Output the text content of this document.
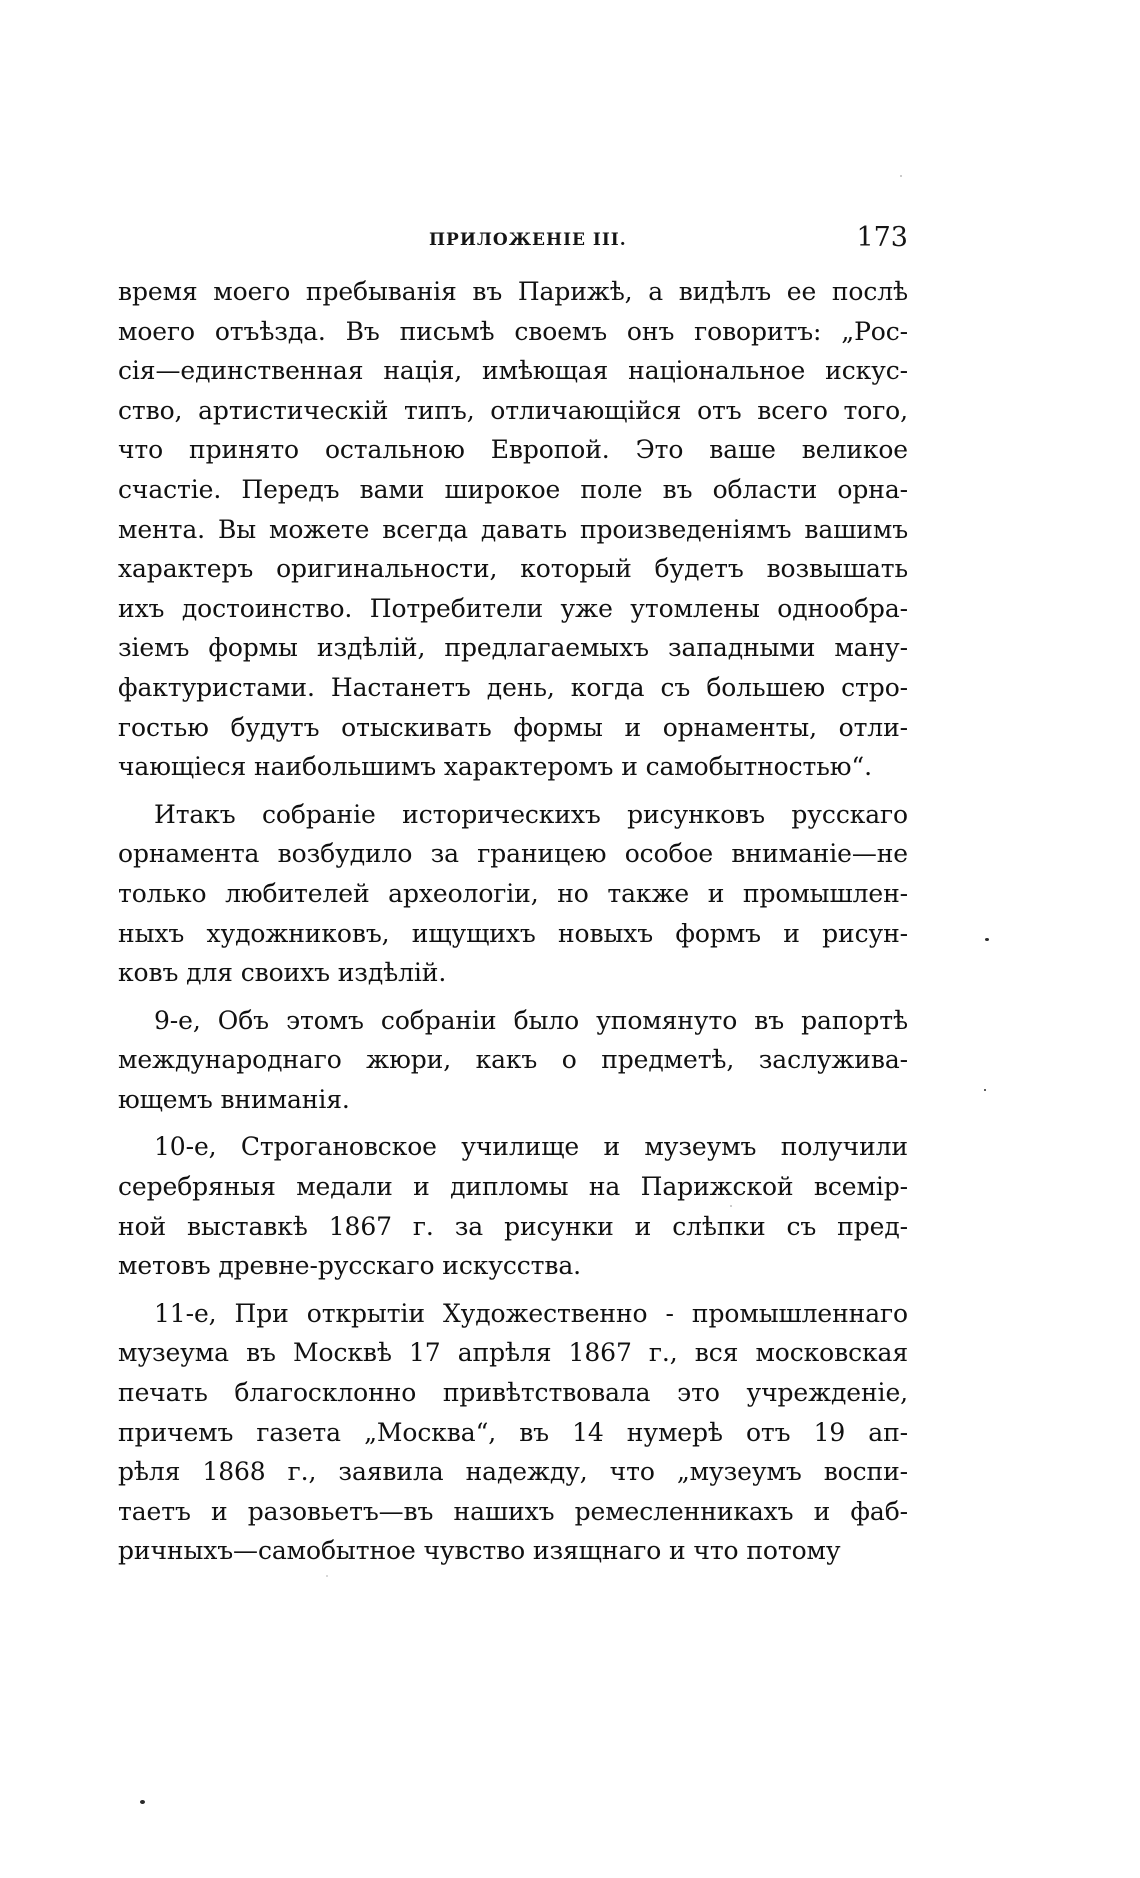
ПРИЛОЖЕНІЕ III.	173
время моего пребыванія въ Парижѣ, а видѣлъ ее послѣ
моего отъѣзда. Въ письмѣ своемъ онъ говоритъ: „Рос-
сія—единственная нація, имѣющая національное искус-
ство, артистическій типъ, отличающійся отъ всего того,
что принято остальною Европой. Это ваше великое
счастіе. Передъ вами широкое поле въ области орна-
мента. Вы можете всегда давать произведеніямъ вашимъ
характеръ оригинальности, который будетъ возвышать
ихъ достоинство. Потребители уже утомлены однообра-
зіемъ формы издѣлій, предлагаемыхъ западными ману-
фактуристами. Настанетъ день, когда съ большею стро-
гостью будутъ отыскивать формы и орнаменты, отли-
чающіеся наибольшимъ характеромъ и самобытностью“.
Итакъ собраніе историческихъ рисунковъ русскаго
орнамента возбудило за границею особое вниманіе—не
только любителей археологіи, но также и промышлен-
ныхъ художниковъ, ищущихъ новыхъ формъ и рисун-
ковъ для своихъ издѣлій.
9-е, Объ этомъ собраніи было упомянуто въ рапортѣ
международнаго жюри, какъ о предметѣ, заслужива-
ющемъ вниманія.
10-е, Строгановское училище и музеумъ получили
серебряныя медали и дипломы на Парижской всемір-
ной выставкѣ 1867 г. за рисунки и слѣпки съ пред-
метовъ древне-русскаго искусства.
11-е, При открытіи Художественно - промышленнаго
музеума въ Москвѣ 17 апрѣля 1867 г., вся московская
печать благосклонно привѣтствовала это учрежденіе,
причемъ газета „Москва“, въ 14 нумерѣ отъ 19 ап-
рѣля 1868 г., заявила надежду, что „музеумъ воспи-
таетъ и разовьетъ—въ нашихъ ремесленникахъ и фаб-
ричныхъ—самобытное чувство изящнаго и что потому
